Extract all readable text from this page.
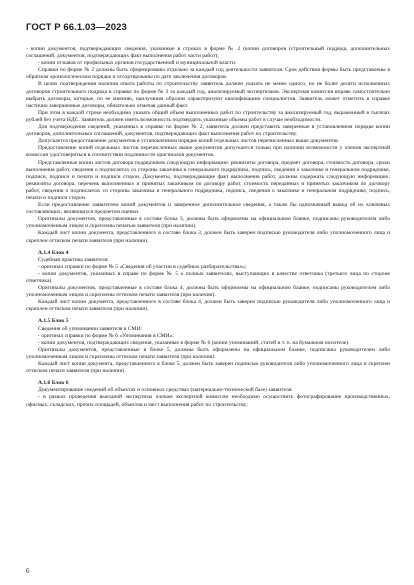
ГОСТ Р 66.1.03—2023

- копии документов, подтверждающих сведения, указанные в строках в форме № 2 (копии договоров (строительный подряда, дополнительных соглашений, документов, подтверждающих факт выполнения работ части работ);

- копии отзывов от профильных органов государственной и муниципальной власти.

Справки по форме № 2 должны быть сформированы отдельно за каждый год деятельности заявителя. Срок действия формы быть представлены в обратном хронологическом порядке и отсортированы по дате заключения договоров.

В целях подтверждения наличия опыта работы по строительству заявитель должен указать не менее одного, но не более десяти исполненных договоров строительного подряда в справке по форме № 2 за каждый год, анализируемый экспертизами. Экспертная комиссия вправе самостоятельно выбрать договоры, которые, по ее мнению, наилучшим образом характеризуют квалификацию специалистов. Заявитель может отметить в справке частично завершенные договоры, обязательно отмечая данный факт.

При этом в каждой строке необходимо указать общий объем выполненных работ по строительству за анализируемый год, выраженный в тысячах рублей без учета НДС. Заявитель должен иметь возможность подтвердить указанные объемы работ в случае необходимости.

Для подтверждения сведений, указанных в справке по форме № 2, заявитель должен представить заверенные в установленном порядке копии договоров, дополнительных соглашений, документов, подтверждающих факт выполнения работ по строительству.

Допускается предоставление документов в установленном порядке копий отдельных листов перечисленных выше документов.

Предоставление копий отдельных листов перечисленных выше документов допускается только при наличии возможности у членов экспертной комиссии удостовериться в соответствии подлинности оригиналов документов.

Представленные копии листов договора подрядчиков следующую информацию: реквизиты договора, предмет договора, стоимость договора, сроки выполнения работ, сведения о подписантах со стороны заказчика и генерального подрядчика, подпись, сведения о заказчике и генеральном подрядчике, подписи, подписи и печати и подписи сторон. Документы, подтверждающие факт выполнения работ, должны содержать следующую информацию: реквизиты договора, перечень выполненных и принятых заказчиком по договору работ, стоимость переданных и принятых заказчиком по договору работ, сведения о подписантах со стороны заказчика и генерального подрядчика, подпись, сведения о заказчике и генеральном подрядчике, подпись, печати и подписи сторон.

Если предоставление заявителем копий документов и заверенное дополнительное сведения, а также бы однозначный вывод об их ключевых составляющих, являющихся предметом оценки.

Оригиналы документов, представленные в составе блока 3, должны быть оформлены на официальном бланке, подписаны руководителем либо уполномоченным лицом и скреплены печатью заявителя (при наличии).

Каждый лист копии документа, представленного в составе блока 3, должен быть заверен подписью руководителя либо уполномоченного лица и скреплен оттиском печати заявителя (при наличии).

А.1.4 Блок 4

Судебная практика заявителя:

- оригинал справки по форме № 5 «Сведения об участии в судебных разбирательствах»;

- копии документов, указанных в справе по форме № 5 о полных заявителях, выступающих в качестве ответчика (третьего лица по стороне ответчика).

Оригиналы документов, представленные в составе блока 4, должны быть оформлены на официальном бланке, подписаны руководителем либо уполномоченным лицом и скреплены оттиском печати заявителя (при наличии).

Каждый лист копии документа, представленного в составе блока 4, должен быть заверен подписью руководителя либо уполномоченного лица и скреплен оттиском печати заявителя (при наличии).

А.1.5 Блок 5

Сведения об упоминании заявителя в СМИ:

- оригинал справки по форме № 6 «Упоминания в СМИ»;

- копии документов, подтверждающих сведения, указанные в форме № 6 (копии упоминаний, статей и т. п. на бумажном носителе).

Оригиналы документов, представленные в блоке 5, должны быть оформлены на официальном бланке, подписаны руководителем либо уполномоченным лицом и скреплены оттиском печати заявителя (при наличии).

Каждый лист копии документа, представленного в блоке 5, должен быть заверен подписью руководителя либо уполномоченного лица и скреплен оттиском печати заявителя (при наличии).

А.1.6 Блок 6

Документирование сведений об объектах и основных средствах (материально-технической базе) заявителя:

- в рамках проведения выездной экспертизы членам экспертной комиссии необходимо осуществить фотографирование производственных, офисных, складских, прочих площадей, объектов и мест выполнения работ по строительству;

6
